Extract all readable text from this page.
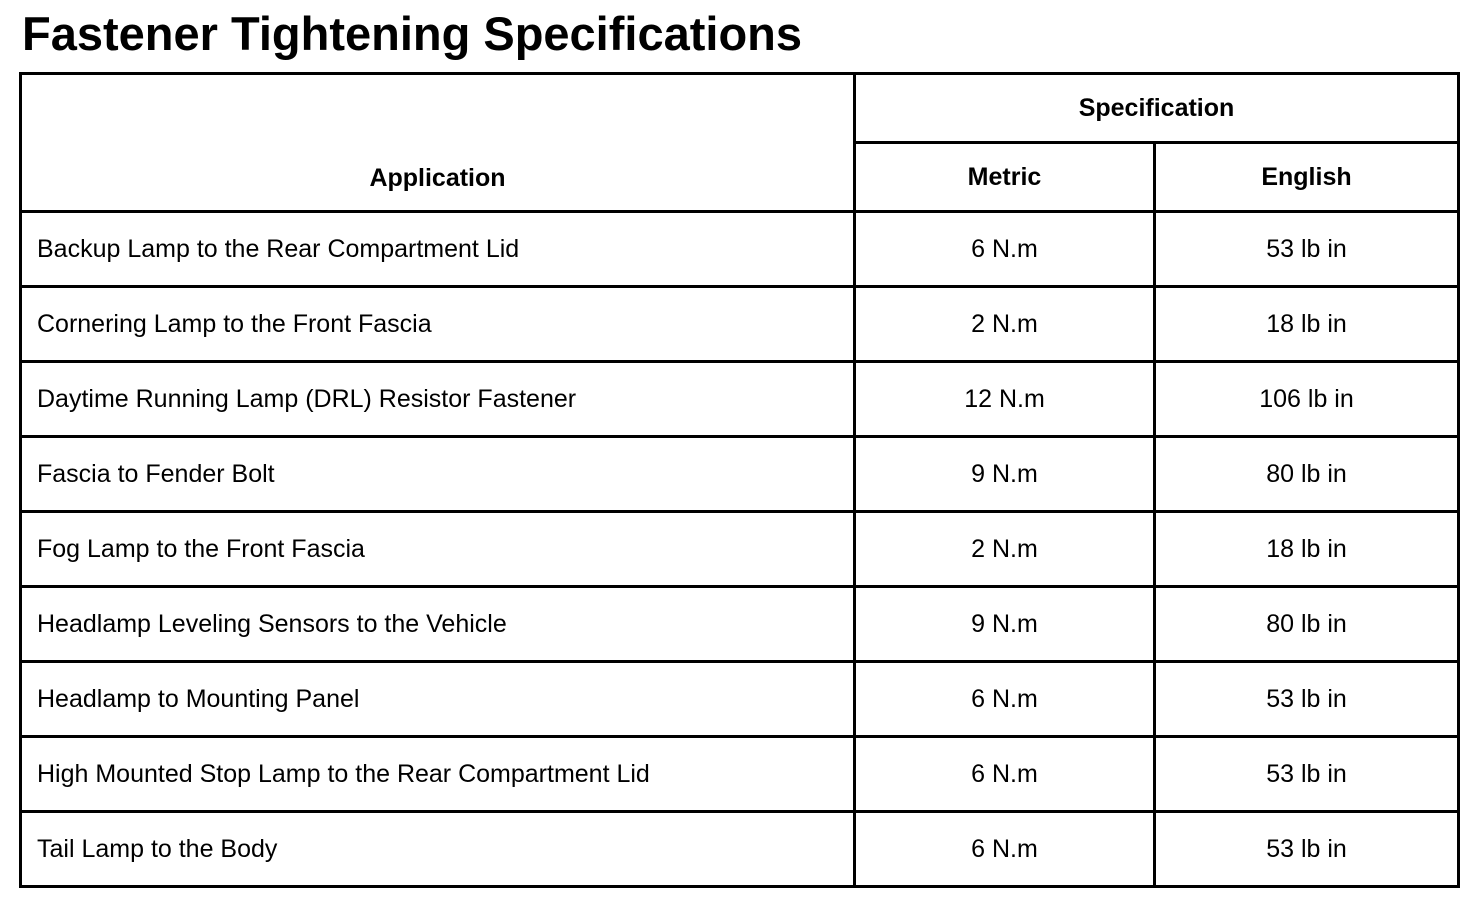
Fastener Tightening Specifications
Application	Specification	
	Metric	English
Backup Lamp to the Rear Compartment Lid	6 N.m	53 lb in
Cornering Lamp to the Front Fascia	2 N.m	18 lb in
Daytime Running Lamp (DRL) Resistor Fastener	12 N.m	106 lb in
Fascia to Fender Bolt	9 N.m	80 lb in
Fog Lamp to the Front Fascia	2 N.m	18 lb in
Headlamp Leveling Sensors to the Vehicle	9 N.m	80 lb in
Headlamp to Mounting Panel	6 N.m	53 lb in
High Mounted Stop Lamp to the Rear Compartment Lid	6 N.m	53 lb in
Tail Lamp to the Body	6 N.m	53 lb in
